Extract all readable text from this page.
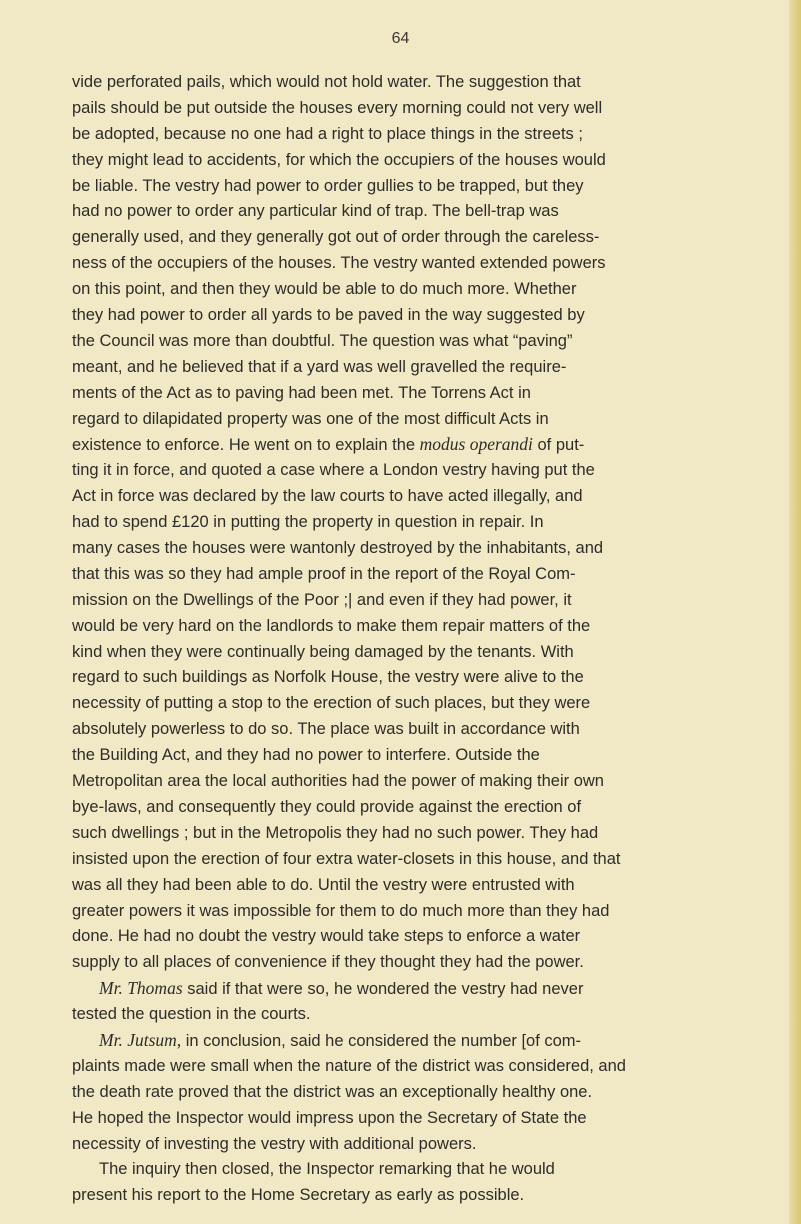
64
vide perforated pails, which would not hold water. The suggestion that
pails should be put outside the houses every morning could not very well
be adopted, because no one had a right to place things in the streets ;
they might lead to accidents, for which the occupiers of the houses would
be liable. The vestry had power to order gullies to be trapped, but they
had no power to order any particular kind of trap. The bell-trap was
generally used, and they generally got out of order through the careless-
ness of the occupiers of the houses. The vestry wanted extended powers
on this point, and then they would be able to do much more. Whether
they had power to order all yards to be paved in the way suggested by
the Council was more than doubtful. The question was what “paving”
meant, and he believed that if a yard was well gravelled the require-
ments of the Act as to paving had been met. The Torrens Act in
regard to dilapidated property was one of the most difficult Acts in
existence to enforce. He went on to explain the modus operandi of put-
ting it in force, and quoted a case where a London vestry having put the
Act in force was declared by the law courts to have acted illegally, and
had to spend £120 in putting the property in question in repair. In
many cases the houses were wantonly destroyed by the inhabitants, and
that this was so they had ample proof in the report of the Royal Com-
mission on the Dwellings of the Poor ;| and even if they had power, it
would be very hard on the landlords to make them repair matters of the
kind when they were continually being damaged by the tenants. With
regard to such buildings as Norfolk House, the vestry were alive to the
necessity of putting a stop to the erection of such places, but they were
absolutely powerless to do so. The place was built in accordance with
the Building Act, and they had no power to interfere. Outside the
Metropolitan area the local authorities had the power of making their own
bye-laws, and consequently they could provide against the erection of
such dwellings ; but in the Metropolis they had no such power. They had
insisted upon the erection of four extra water-closets in this house, and that
was all they had been able to do. Until the vestry were entrusted with
greater powers it was impossible for them to do much more than they had
done. He had no doubt the vestry would take steps to enforce a water
supply to all places of convenience if they thought they had the power.
Mr. Thomas said if that were so, he wondered the vestry had never
tested the question in the courts.
Mr. Jutsum, in conclusion, said he considered the number [of com-
plaints made were small when the nature of the district was considered, and
the death rate proved that the district was an exceptionally healthy one.
He hoped the Inspector would impress upon the Secretary of State the
necessity of investing the vestry with additional powers.
The inquiry then closed, the Inspector remarking that he would
present his report to the Home Secretary as early as possible.
